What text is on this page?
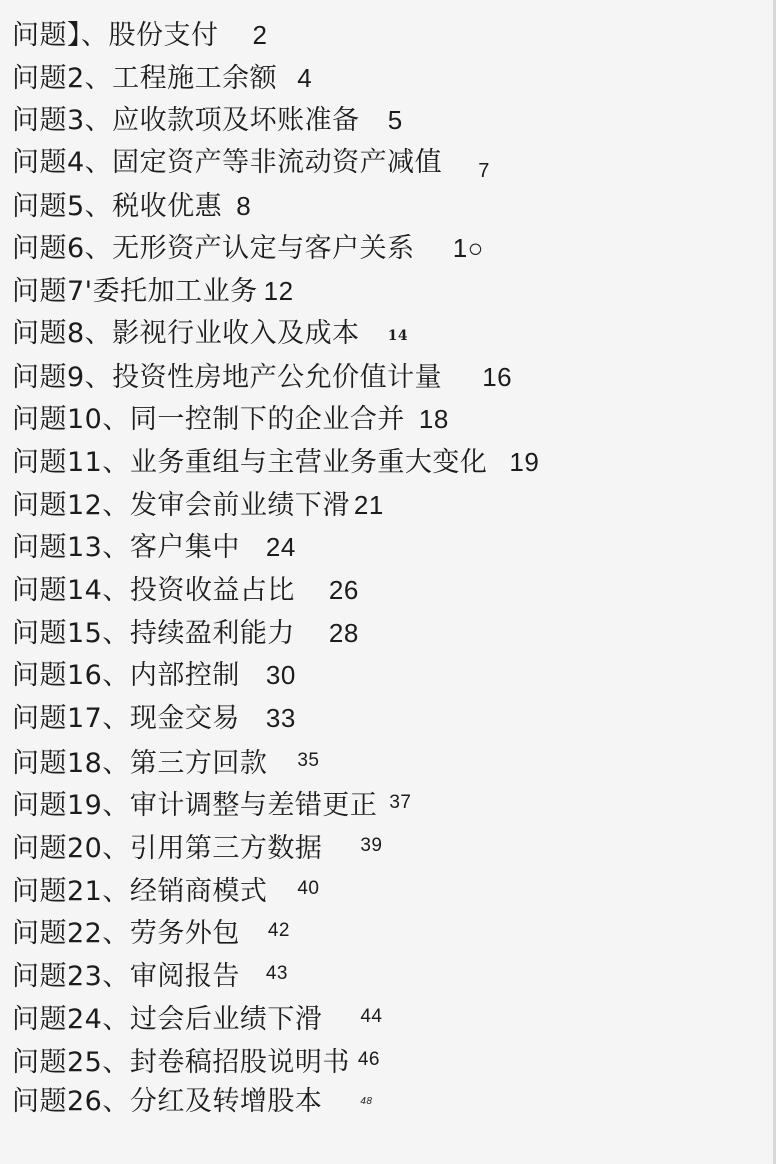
问题】、股份支付 2
问题2、工程施工余额 4
问题3、应收款项及坏账准备 5
问题4、固定资产等非流动资产减值 $_7$
问题5、税收优惠 8
问题6、无形资产认定与客户关系 1○
问题7'委托加工业务 12
问题8、影视行业收入及成本 14
问题9、投资性房地产公允价值计量 16
问题10、同一控制下的企业合并 18
问题11、业务重组与主营业务重大变化 19
问题12、发审会前业绩下滑 21
问题13、客户集中 24
问题14、投资收益占比 26
问题15、持续盈利能力 28
问题16、内部控制 30
问题17、现金交易 33
问题18、第三方回款 $^{35}$
问题19、审计调整与差错更正 $^{37}$
问题20、引用第三方数据 $^{39}$
问题21、经销商模式 $^{40}$
问题22、劳务外包 $^{42}$
问题23、审阅报告 $^{43}$
问题24、过会后业绩下滑 $^{44}$
问题25、封卷稿招股说明书 $^{46}$
问题26、分红及转增股本	$^{48}$
